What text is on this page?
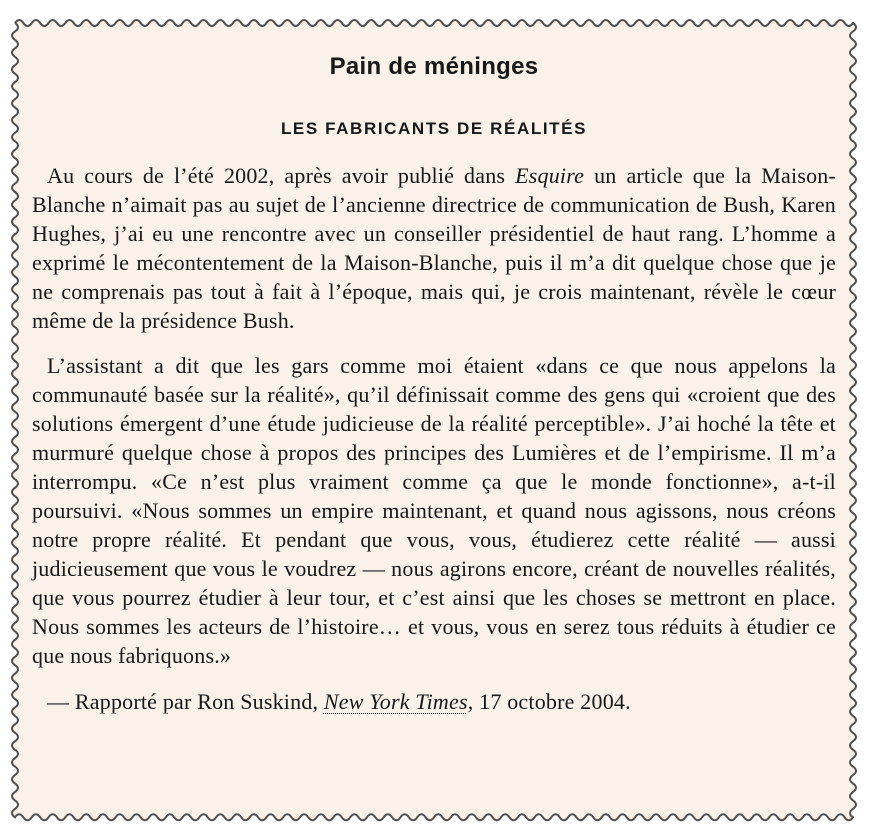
Pain de méninges
LES FABRICANTS DE RÉALITÉS

Au cours de l’été 2002, après avoir publié dans Esquire un article que la Maison-Blanche n’aimait pas au sujet de l’ancienne directrice de communication de Bush, Karen Hughes, j’ai eu une rencontre avec un conseiller présidentiel de haut rang. L’homme a exprimé le mécontentement de la Maison-Blanche, puis il m’a dit quelque chose que je ne comprenais pas tout à fait à l’époque, mais qui, je crois maintenant, révèle le cœur même de la présidence Bush.

L’assistant a dit que les gars comme moi étaient «dans ce que nous appelons la communauté basée sur la réalité», qu’il définissait comme des gens qui «croient que des solutions émergent d’une étude judicieuse de la réalité perceptible». J’ai hoché la tête et murmuré quelque chose à propos des principes des Lumières et de l’empirisme. Il m’a interrompu. «Ce n’est plus vraiment comme ça que le monde fonctionne», a-t-il poursuivi. «Nous sommes un empire maintenant, et quand nous agissons, nous créons notre propre réalité. Et pendant que vous, vous, étudierez cette réalité — aussi judicieusement que vous le voudrez — nous agirons encore, créant de nouvelles réalités, que vous pourrez étudier à leur tour, et c’est ainsi que les choses se mettront en place. Nous sommes les acteurs de l’histoire… et vous, vous en serez tous réduits à étudier ce que nous fabriquons.»

— Rapporté par Ron Suskind, New York Times, 17 octobre 2004.
